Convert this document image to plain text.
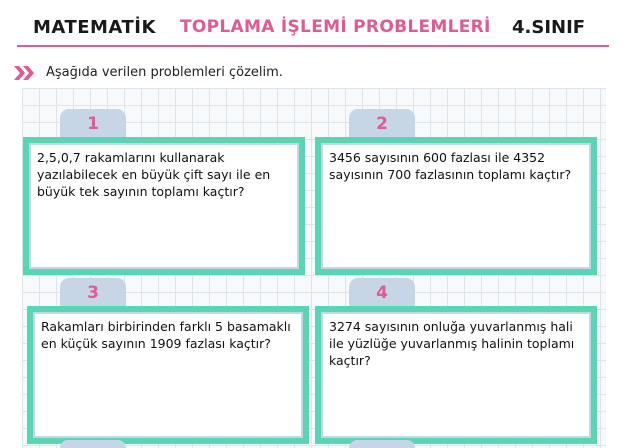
MATEMATİK TOPLAMA İŞLEMİ PROBLEMLERİ 4.SINIF
Aşağıda verilen problemleri çözelim.
1
2,5,0,7 rakamlarını kullanarak yazılabilecek en büyük çift sayı ile en büyük tek sayının toplamı kaçtır?
2
3456 sayısının 600 fazlası ile 4352 sayısının 700 fazlasının toplamı kaçtır?
3
Rakamları birbirinden farklı 5 basamaklı en küçük sayının 1909 fazlası kaçtır?
4
3274 sayısının onluğa yuvarlanmış hali ile yüzlüğe yuvarlanmış halinin toplamı kaçtır?
